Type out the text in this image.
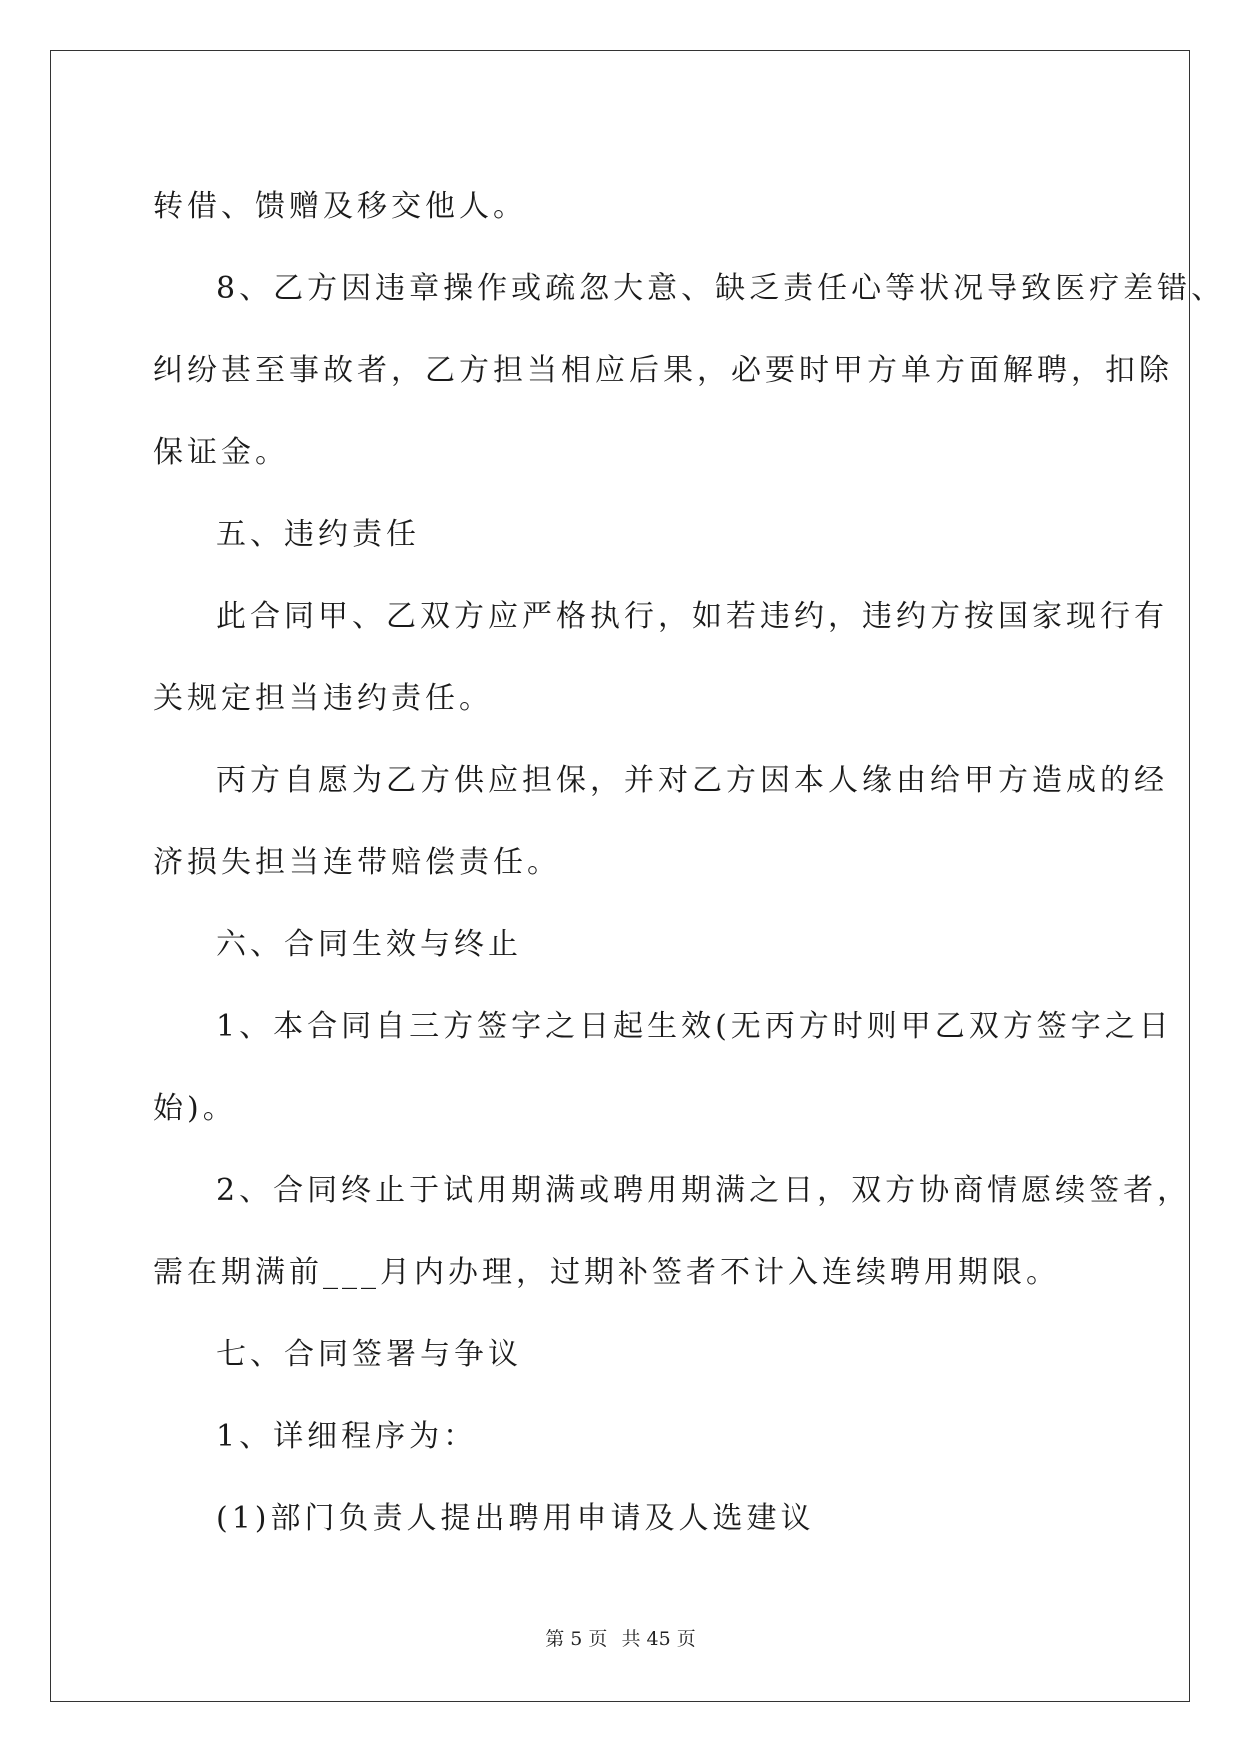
转借、馈赠及移交他人。
8、乙方因违章操作或疏忽大意、缺乏责任心等状况导致医疗差错、
纠纷甚至事故者，乙方担当相应后果，必要时甲方单方面解聘，扣除
保证金。
五、违约责任
此合同甲、乙双方应严格执行，如若违约，违约方按国家现行有
关规定担当违约责任。
丙方自愿为乙方供应担保，并对乙方因本人缘由给甲方造成的经
济损失担当连带赔偿责任。
六、合同生效与终止
1、本合同自三方签字之日起生效(无丙方时则甲乙双方签字之日
始)。
2、合同终止于试用期满或聘用期满之日，双方协商情愿续签者，
需在期满前___月内办理，过期补签者不计入连续聘用期限。
七、合同签署与争议
1、详细程序为：
(1)部门负责人提出聘用申请及人选建议
第 5 页 共 45 页
